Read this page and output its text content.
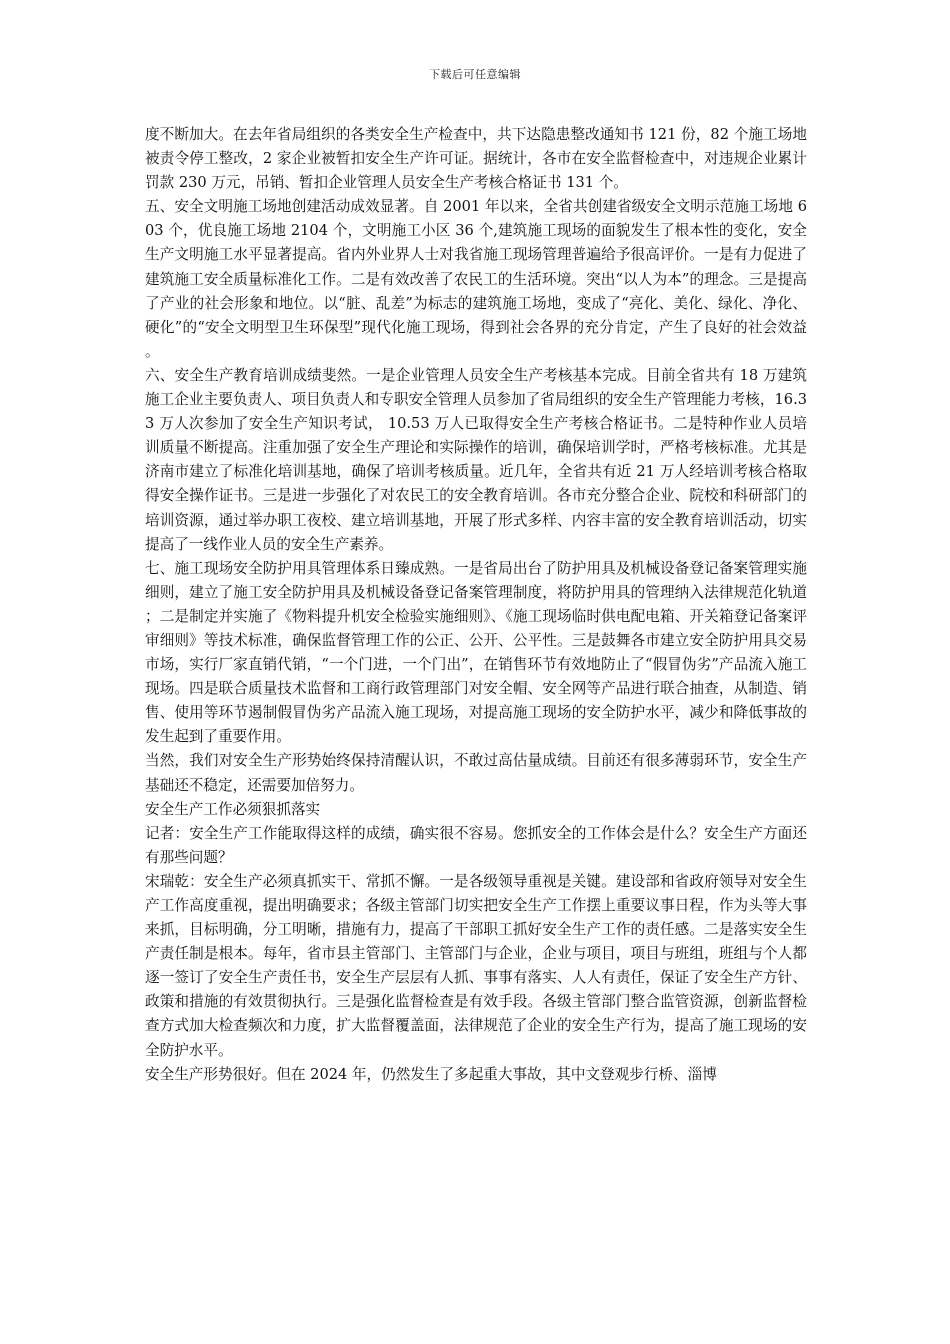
下载后可任意编辑

度不断加大。在去年省局组织的各类安全生产检查中，共下达隐患整改通知书 121 份，82 个施工场地被责令停工整改，2 家企业被暂扣安全生产许可证。据统计，各市在安全监督检查中，对违规企业累计罚款 230 万元，吊销、暂扣企业管理人员安全生产考核合格证书 131 个。

五、安全文明施工场地创建活动成效显著。自 2001 年以来，全省共创建省级安全文明示范施工场地 603 个，优良施工场地 2104 个，文明施工小区 36 个,建筑施工现场的面貌发生了根本性的变化，安全生产文明施工水平显著提高。省内外业界人士对我省施工现场管理普遍给予很高评价。一是有力促进了建筑施工安全质量标准化工作。二是有效改善了农民工的生活环境。突出“以人为本”的理念。三是提高了产业的社会形象和地位。以“脏、乱差”为标志的建筑施工场地，变成了“亮化、美化、绿化、净化、硬化”的“安全文明型卫生环保型”现代化施工现场，得到社会各界的充分肯定，产生了良好的社会效益。

六、安全生产教育培训成绩斐然。一是企业管理人员安全生产考核基本完成。目前全省共有 18 万建筑施工企业主要负责人、项目负责人和专职安全管理人员参加了省局组织的安全生产管理能力考核，16.33 万人次参加了安全生产知识考试， 10.53 万人已取得安全生产考核合格证书。二是特种作业人员培训质量不断提高。注重加强了安全生产理论和实际操作的培训，确保培训学时，严格考核标准。尤其是济南市建立了标准化培训基地，确保了培训考核质量。近几年，全省共有近 21 万人经培训考核合格取得安全操作证书。三是进一步强化了对农民工的安全教育培训。各市充分整合企业、院校和科研部门的培训资源，通过举办职工夜校、建立培训基地，开展了形式多样、内容丰富的安全教育培训活动，切实提高了一线作业人员的安全生产素养。

七、施工现场安全防护用具管理体系日臻成熟。一是省局出台了防护用具及机械设备登记备案管理实施细则，建立了施工安全防护用具及机械设备登记备案管理制度，将防护用具的管理纳入法律规范化轨道；二是制定并实施了《物料提升机安全检验实施细则》、《施工现场临时供电配电箱、开关箱登记备案评审细则》等技术标准，确保监督管理工作的公正、公开、公平性。三是鼓舞各市建立安全防护用具交易市场，实行厂家直销代销，“一个门进，一个门出”，在销售环节有效地防止了“假冒伪劣”产品流入施工现场。四是联合质量技术监督和工商行政管理部门对安全帽、安全网等产品进行联合抽查，从制造、销售、使用等环节遏制假冒伪劣产品流入施工现场，对提高施工现场的安全防护水平，减少和降低事故的发生起到了重要作用。

当然，我们对安全生产形势始终保持清醒认识，不敢过高估量成绩。目前还有很多薄弱环节，安全生产基础还不稳定，还需要加倍努力。

安全生产工作必须狠抓落实

记者：安全生产工作能取得这样的成绩，确实很不容易。您抓安全的工作体会是什么？安全生产方面还有那些问题？

宋瑞乾：安全生产必须真抓实干、常抓不懈。一是各级领导重视是关键。建设部和省政府领导对安全生产工作高度重视，提出明确要求；各级主管部门切实把安全生产工作摆上重要议事日程，作为头等大事来抓，目标明确，分工明晰，措施有力，提高了干部职工抓好安全生产工作的责任感。二是落实安全生产责任制是根本。每年，省市县主管部门、主管部门与企业，企业与项目，项目与班组，班组与个人都逐一签订了安全生产责任书，安全生产层层有人抓、事事有落实、人人有责任，保证了安全生产方针、政策和措施的有效贯彻执行。三是强化监督检查是有效手段。各级主管部门整合监管资源，创新监督检查方式加大检查频次和力度，扩大监督覆盖面，法律规范了企业的安全生产行为，提高了施工现场的安全防护水平。

安全生产形势很好。但在 2024 年，仍然发生了多起重大事故，其中文登观步行桥、淄博
